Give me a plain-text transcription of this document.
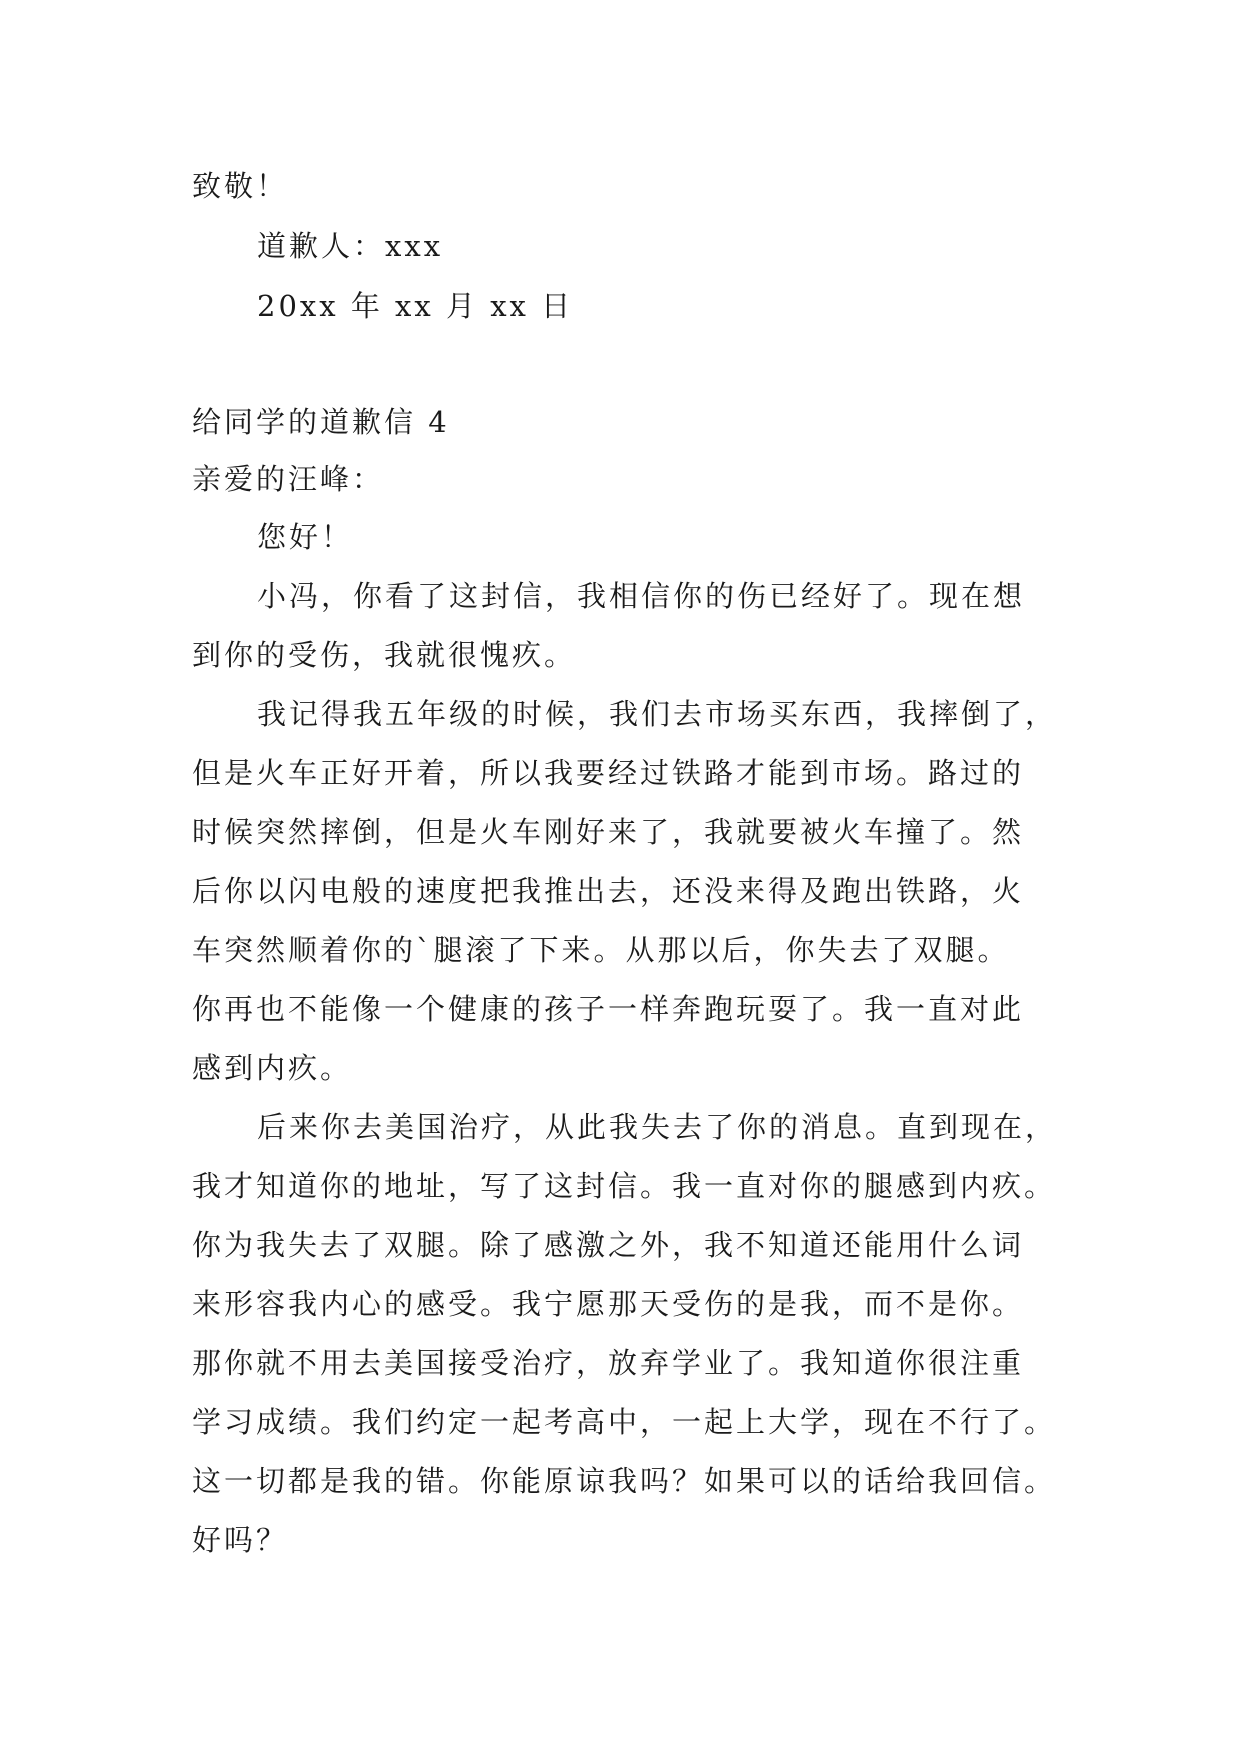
致敬！
道歉人：xxx
20xx 年 xx 月 xx 日
给同学的道歉信 4
亲爱的汪峰：
您好！
小冯，你看了这封信，我相信你的伤已经好了。现在想
到你的受伤，我就很愧疚。
我记得我五年级的时候，我们去市场买东西，我摔倒了，
但是火车正好开着，所以我要经过铁路才能到市场。路过的
时候突然摔倒，但是火车刚好来了，我就要被火车撞了。然
后你以闪电般的速度把我推出去，还没来得及跑出铁路，火
车突然顺着你的`腿滚了下来。从那以后，你失去了双腿。
你再也不能像一个健康的孩子一样奔跑玩耍了。我一直对此
感到内疚。
后来你去美国治疗，从此我失去了你的消息。直到现在，
我才知道你的地址，写了这封信。我一直对你的腿感到内疚。
你为我失去了双腿。除了感激之外，我不知道还能用什么词
来形容我内心的感受。我宁愿那天受伤的是我，而不是你。
那你就不用去美国接受治疗，放弃学业了。我知道你很注重
学习成绩。我们约定一起考高中，一起上大学，现在不行了。
这一切都是我的错。你能原谅我吗？如果可以的话给我回信。
好吗？
